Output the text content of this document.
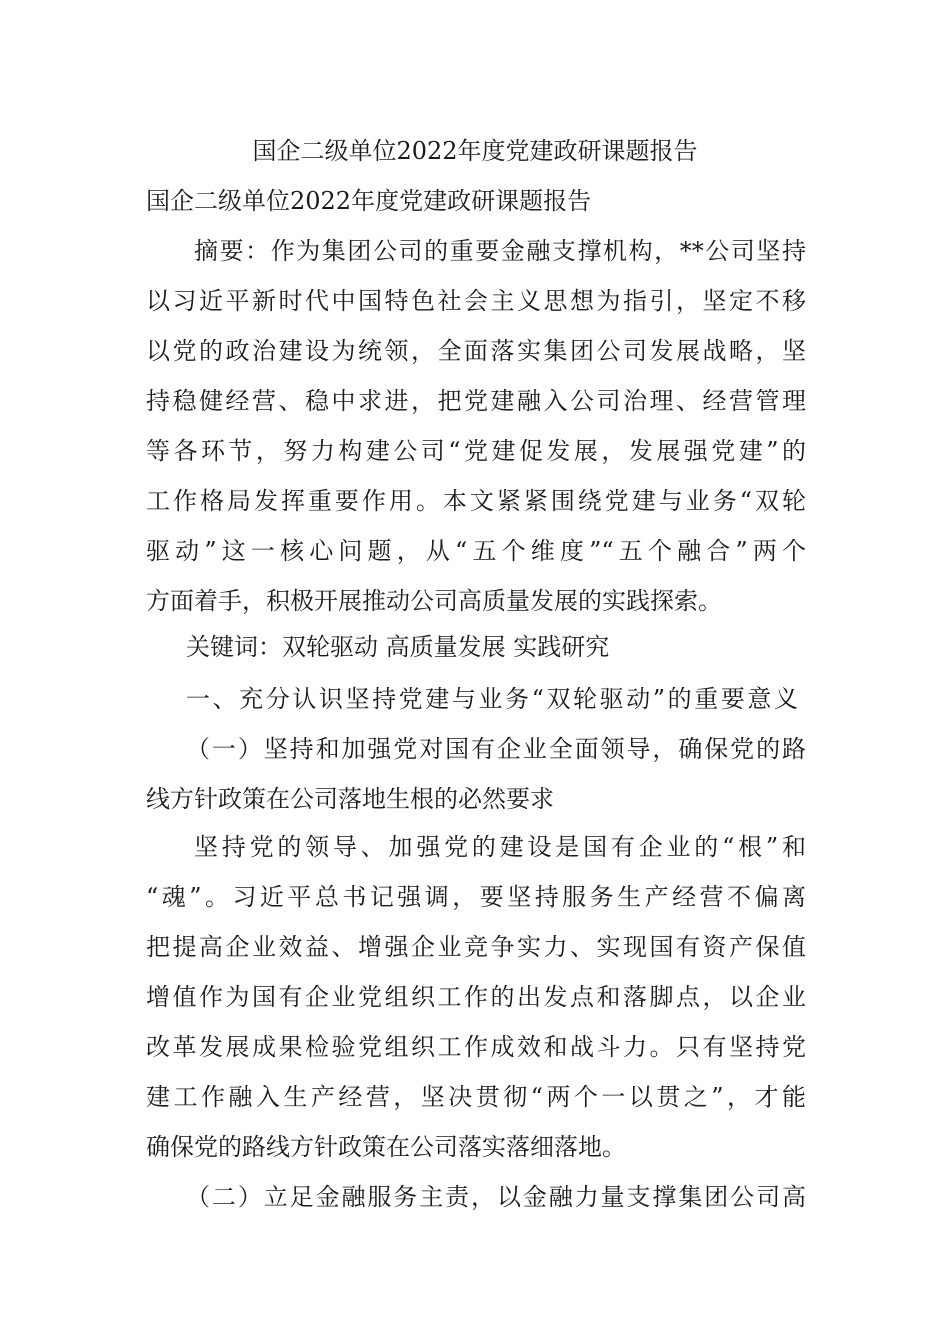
国企二级单位2022年度党建政研课题报告
国企二级单位2022年度党建政研课题报告
摘要：作为集团公司的重要金融支撑机构，**公司坚持
以习近平新时代中国特色社会主义思想为指引，坚定不移
以党的政治建设为统领，全面落实集团公司发展战略，坚
持稳健经营、稳中求进，把党建融入公司治理、经营管理
等各环节，努力构建公司“党建促发展，发展强党建”的
工作格局发挥重要作用。本文紧紧围绕党建与业务“双轮
驱动”这一核心问题，从“五个维度”“五个融合”两个
方面着手，积极开展推动公司高质量发展的实践探索。
关键词：双轮驱动 高质量发展 实践研究
一、充分认识坚持党建与业务“双轮驱动”的重要意义
（一）坚持和加强党对国有企业全面领导，确保党的路
线方针政策在公司落地生根的必然要求
坚持党的领导、加强党的建设是国有企业的“根”和
“魂”。习近平总书记强调，要坚持服务生产经营不偏离
把提高企业效益、增强企业竞争实力、实现国有资产保值
增值作为国有企业党组织工作的出发点和落脚点，以企业
改革发展成果检验党组织工作成效和战斗力。只有坚持党
建工作融入生产经营，坚决贯彻“两个一以贯之”，才能
确保党的路线方针政策在公司落实落细落地。
（二）立足金融服务主责，以金融力量支撑集团公司高
